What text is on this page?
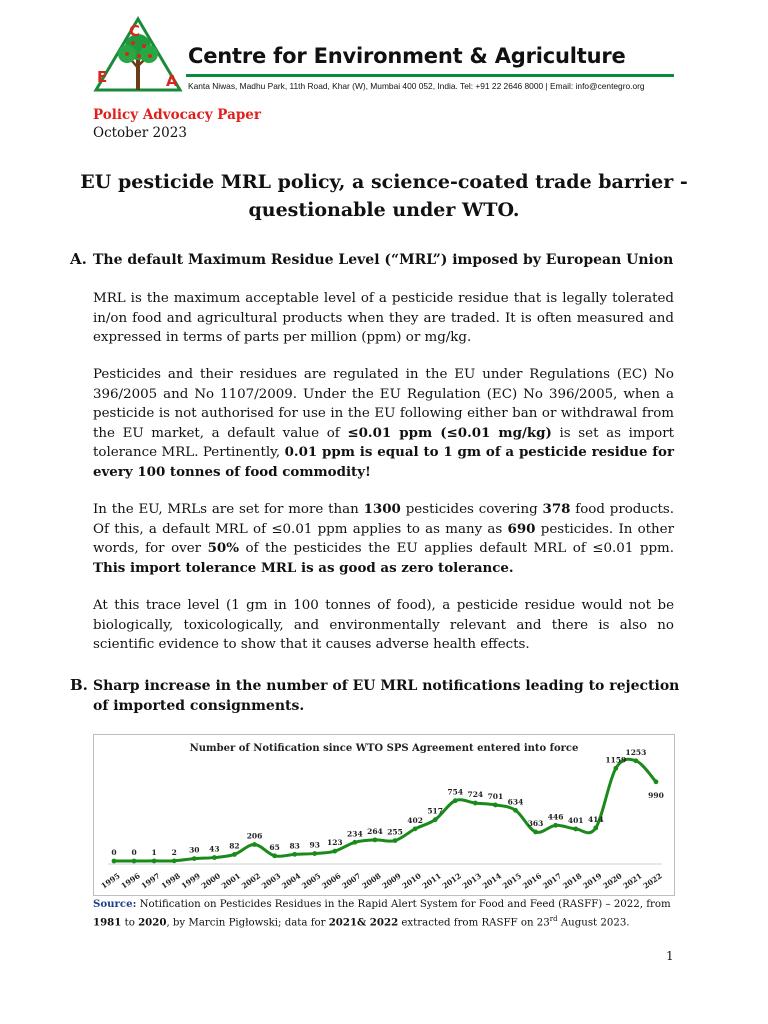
C
E	A
Centre for Environment & Agriculture
Kanta Niwas, Madhu Park, 11th Road, Khar (W), Mumbai 400 052, India. Tel: +91 22 2646 8000 | Email: info@centegro.org
Policy Advocacy Paper
October 2023
EU pesticide MRL policy, a science-coated trade barrier -
questionable under WTO.
A. The default Maximum Residue Level (“MRL”) imposed by European Union

MRL is the maximum acceptable level of a pesticide residue that is legally tolerated in/on food and agricultural products when they are traded. It is often measured and expressed in terms of parts per million (ppm) or mg/kg.

Pesticides and their residues are regulated in the EU under Regulations (EC) No 396/2005 and No 1107/2009. Under the EU Regulation (EC) No 396/2005, when a pesticide is not authorised for use in the EU following either ban or withdrawal from the EU market, a default value of ≤0.01 ppm (≤0.01 mg/kg) is set as import tolerance MRL. Pertinently, 0.01 ppm is equal to 1 gm of a pesticide residue for every 100 tonnes of food commodity!

In the EU, MRLs are set for more than 1300 pesticides covering 378 food products. Of this, a default MRL of ≤0.01 ppm applies to as many as 690 pesticides. In other words, for over 50% of the pesticides the EU applies default MRL of ≤0.01 ppm. This import tolerance MRL is as good as zero tolerance.

At this trace level (1 gm in 100 tonnes of food), a pesticide residue would not be biologically, toxicologically, and environmentally relevant and there is also no scientific evidence to show that it causes adverse health effects.

B. Sharp increase in the number of EU MRL notifications leading to rejection of imported consignments.
Number of Notification since WTO SPS Agreement entered into force
0
1995
0
1996
1
1997
2
1998
30
1999
43
2000
82
2001
206
2002
65
2003
83
2004
93
2005
123
2006
234
2007
264
2008
255
2009
402
2010
517
2011
754
2012
724
2013
701
2014
634
2015
363
2016
446
2017
401
2018
414
2019
1159
2020
1253
2021
990
2022
Source: Notification on Pesticides Residues in the Rapid Alert System for Food and Feed (RASFF) – 2022, from 1981 to 2020, by Marcin Pigłowski; data for 2021& 2022 extracted from RASFF on 23rd August 2023.
1
